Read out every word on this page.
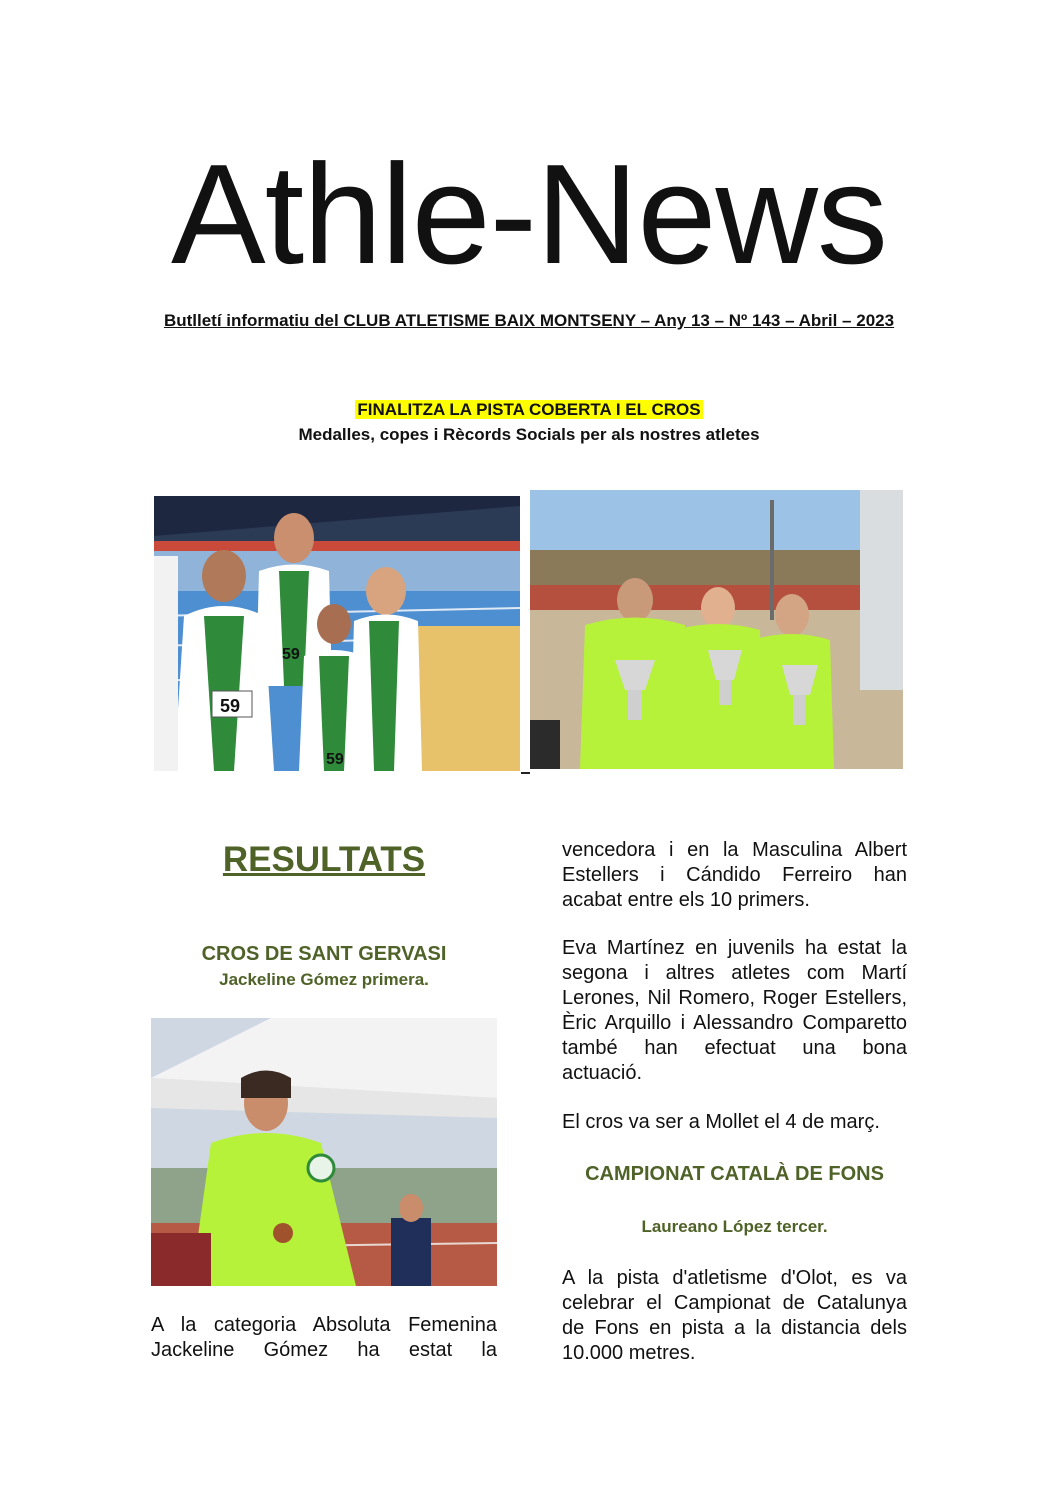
Athle-News
Butlletí informatiu del CLUB ATLETISME BAIX MONTSENY – Any 13 – Nº 143 – Abril – 2023
FINALITZA LA PISTA COBERTA I EL CROS
Medalles, copes i Rècords Socials per als nostres atletes
59
59
59
RESULTATS
CROS DE SANT GERVASI
Jackeline Gómez primera.
A la categoria Absoluta Femenina Jackeline Gómez ha estat la
vencedora i en la Masculina Albert Estellers i Cándido Ferreiro han acabat entre els 10 primers.
Eva Martínez en juvenils ha estat la segona i altres atletes com Martí Lerones, Nil Romero, Roger Estellers, Èric Arquillo i Alessandro Comparetto també han efectuat una bona actuació.
El cros va ser a Mollet el 4 de març.
CAMPIONAT CATALÀ DE FONS
Laureano López tercer.
A la pista d'atletisme d'Olot, es va celebrar el Campionat de Catalunya de Fons en pista a la distancia dels 10.000 metres.
